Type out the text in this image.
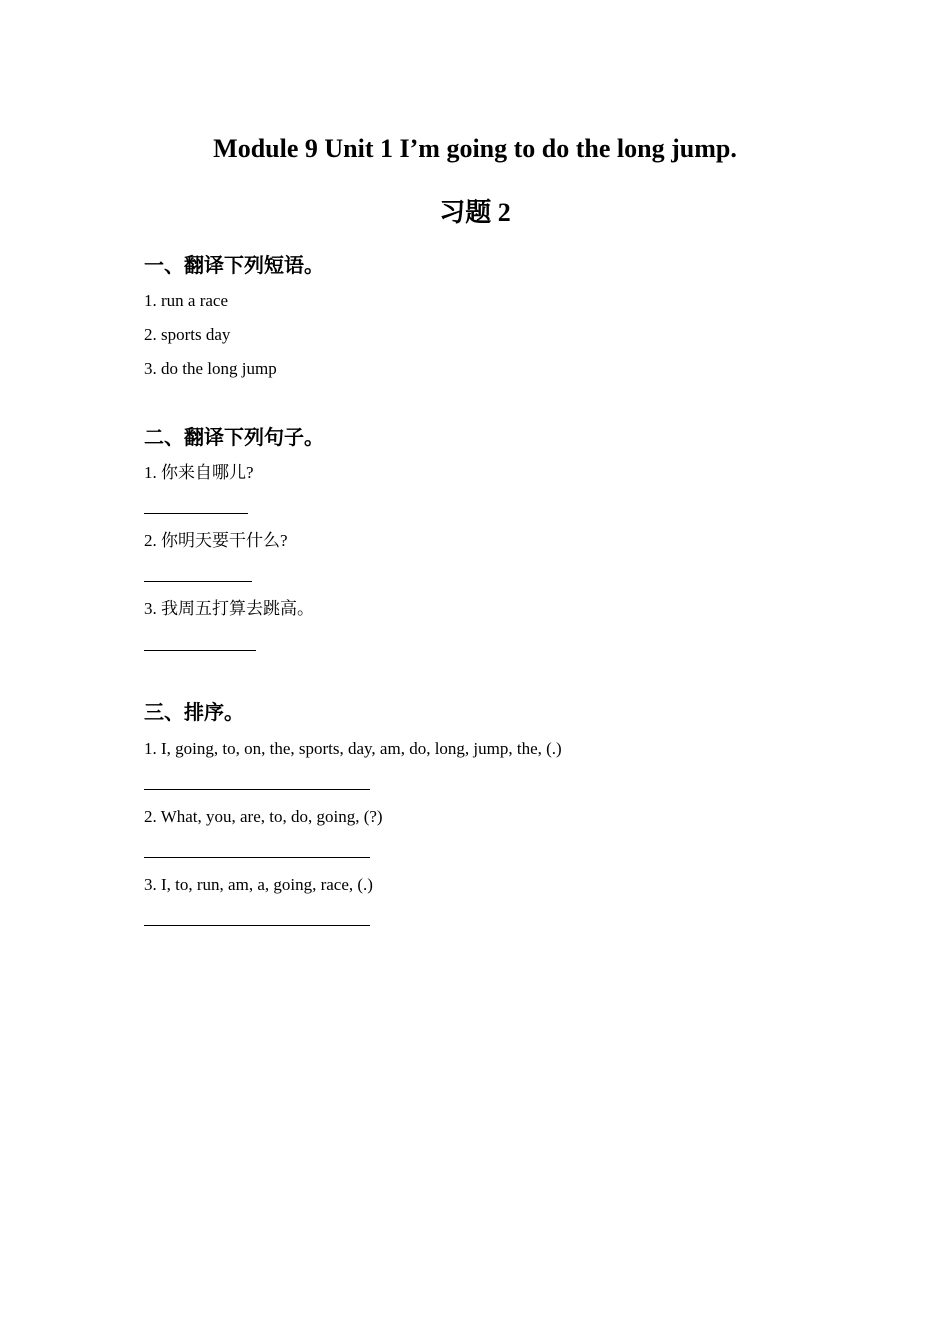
Module 9 Unit 1 I’m going to do the long jump.
习题 2
一、翻译下列短语。

1. run a race

2. sports day

3. do the long jump

二、翻译下列句子。

1. 你来自哪儿?

2. 你明天要干什么?

3. 我周五打算去跳高。

三、排序。

1. I, going, to, on, the, sports, day, am, do, long, jump, the, (.)

2. What, you, are, to, do, going, (?)

3. I, to, run, am, a, going, race, (.)
